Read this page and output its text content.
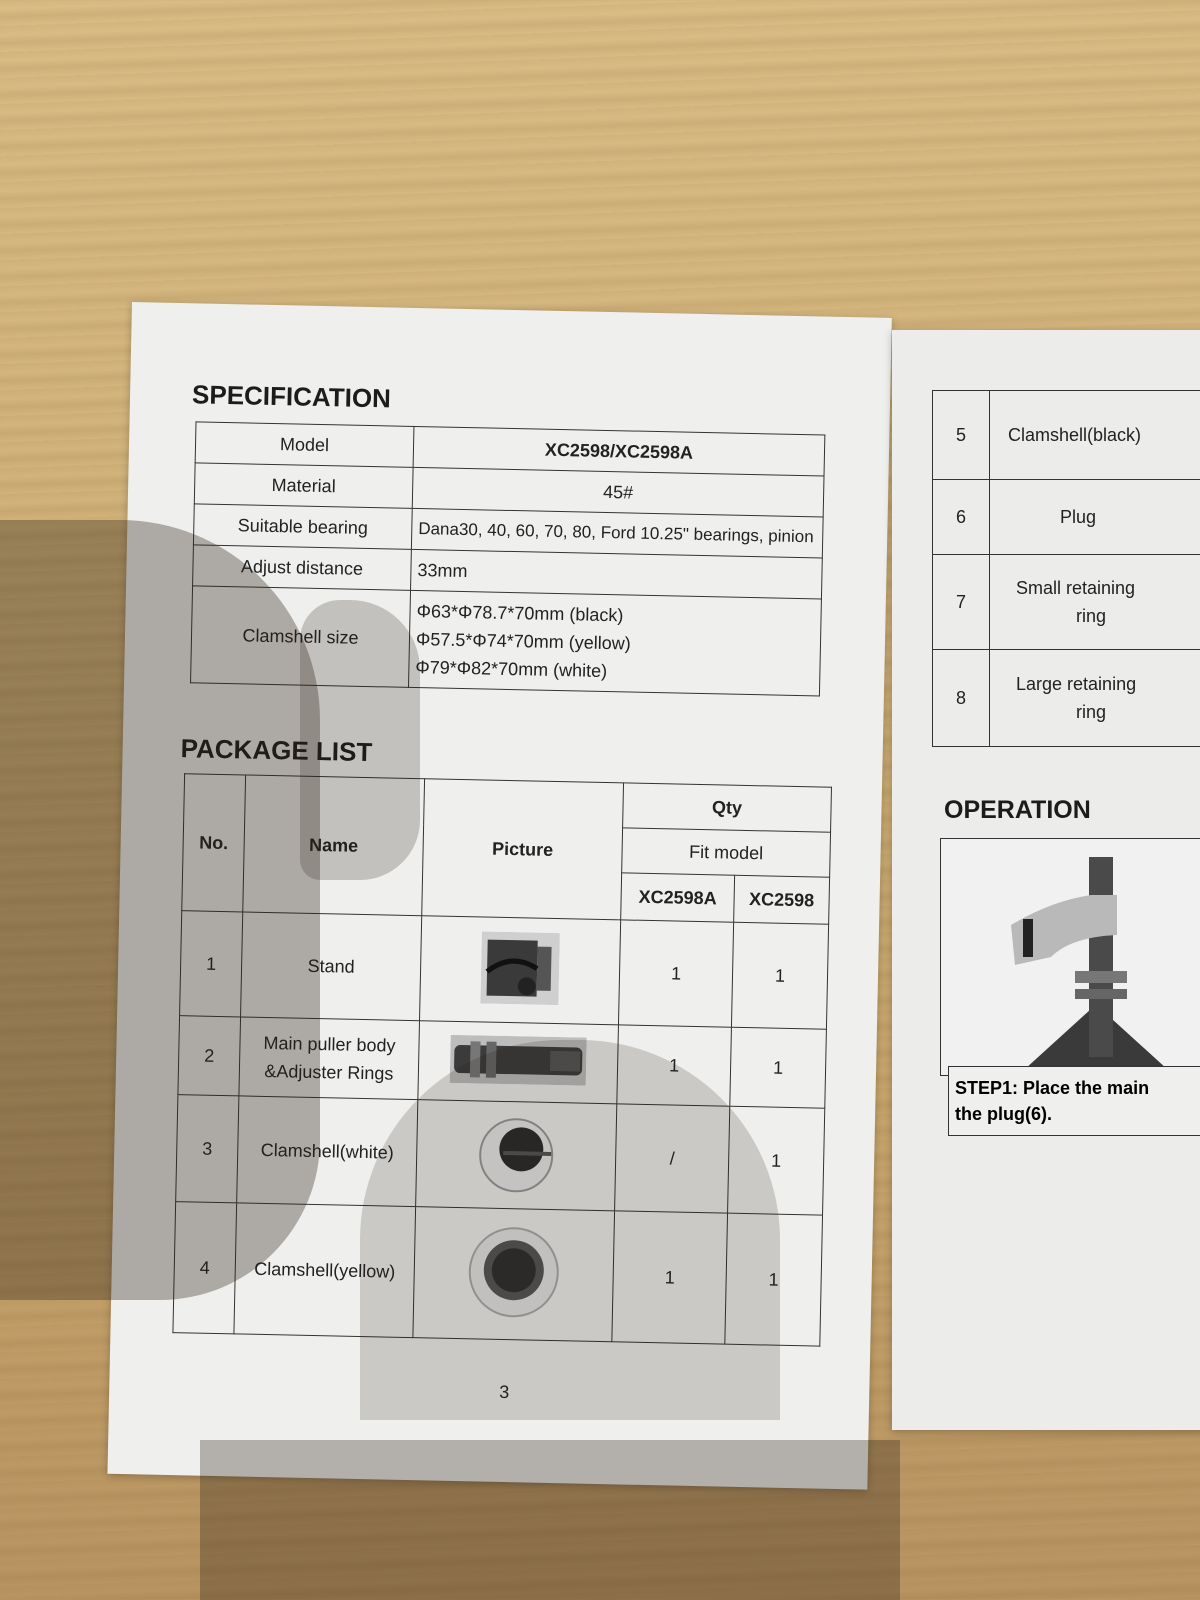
SPECIFICATION
Model	XC2598/XC2598A
Material	45#
Suitable bearing	Dana30, 40, 60, 70, 80, Ford 10.25" bearings, pinion
Adjust distance	33mm
Clamshell size	Φ63*Φ78.7*70mm (black)
Φ57.5*Φ74*70mm (yellow)
Φ79*Φ82*70mm (white)
PACKAGE LIST
No.	Name	Picture	Qty	
			Fit model	
			XC2598A	XC2598
1	Stand		1	1
2	Main puller body
&Adjuster Rings		1	1
3	Clamshell(white)		/	1
4	Clamshell(yellow)		1	1
3
5	Clamshell(black)
6	Plug
7	Small retaining
ring

8	Large retaining
ring
OPERATION
STEP1: Place the main
the plug(6).
